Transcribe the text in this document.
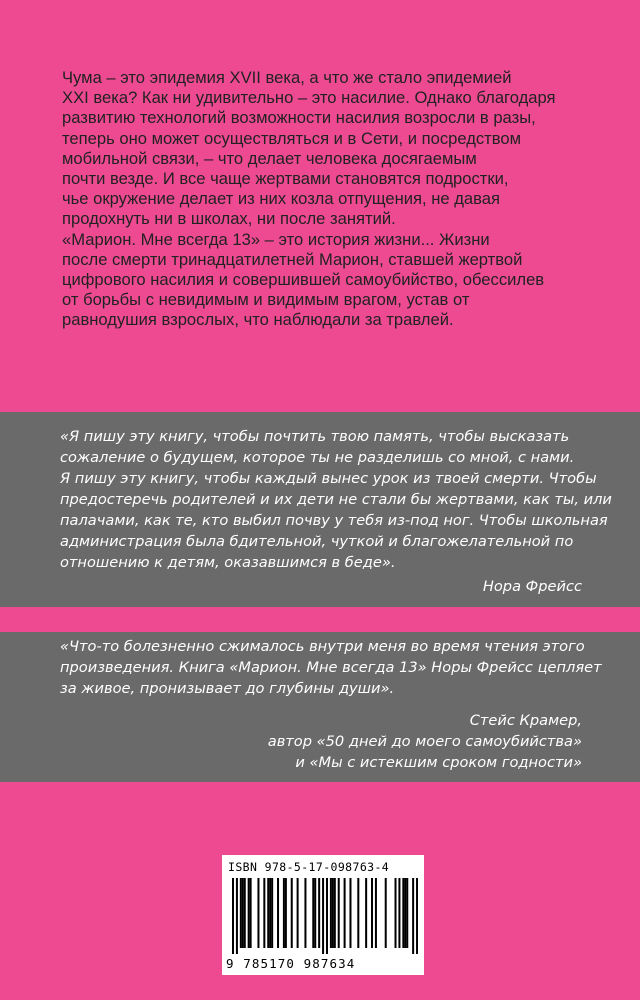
Чума – это эпидемия XVII века, а что же стало эпидемией
XXI века? Как ни удивительно – это насилие. Однако благодаря
развитию технологий возможности насилия возросли в разы,
теперь оно может осуществляться и в Сети, и посредством
мобильной связи, – что делает человека досягаемым
почти везде. И все чаще жертвами становятся подростки,
чье окружение делает из них козла отпущения, не давая
продохнуть ни в школах, ни после занятий.
«Марион. Мне всегда 13» – это история жизни... Жизни
после смерти тринадцатилетней Марион, ставшей жертвой
цифрового насилия и совершившей самоубийство, обессилев
от борьбы с невидимым и видимым врагом, устав от
равнодушия взрослых, что наблюдали за травлей.
«Я пишу эту книгу, чтобы почтить твою память, чтобы высказать
сожаление о будущем, которое ты не разделишь со мной, с нами.
Я пишу эту книгу, чтобы каждый вынес урок из твоей смерти. Чтобы
предостеречь родителей и их дети не стали бы жертвами, как ты, или
палачами, как те, кто выбил почву у тебя из-под ног. Чтобы школьная
администрация была бдительной, чуткой и благожелательной по
отношению к детям, оказавшимся в беде».
Нора Фрейсс
«Что-то болезненно сжималось внутри меня во время чтения этого
произведения. Книга «Марион. Мне всегда 13» Норы Фрейсс цепляет
за живое, пронизывает до глубины души».
Стейс Крамер,
автор «50 дней до моего самоубийства»
и «Мы с истекшим сроком годности»
ISBN 978-5-17-098763-4
9 785170 987634
